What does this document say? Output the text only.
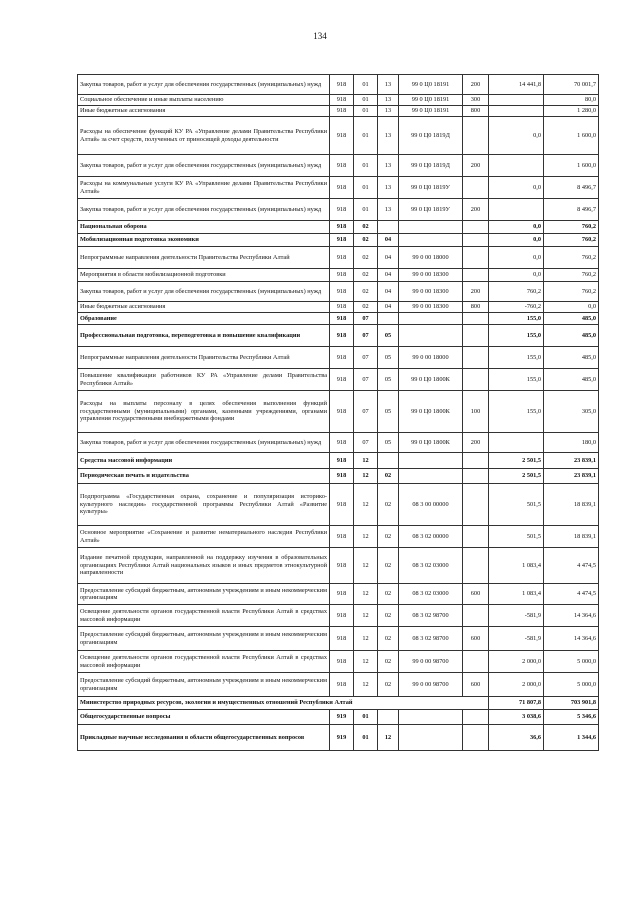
134
Закупка товаров, работ и услуг для обеспечения государственных (муниципальных) нужд	918	01	13	99 0 Ц0 18191	200	14 441,8	70 001,7
Социальное обеспечение и иные выплаты населению	918	01	13	99 0 Ц0 18191	300		80,0
Иные бюджетные ассигнования	918	01	13	99 0 Ц0 18191	800		1 280,0
Расходы на обеспечение функций КУ РА «Управление делами Правительства Республики Алтай» за счет средств, полученных от приносящей доходы деятельности	918	01	13	99 0 Ц0 1819Д		0,0	1 600,0
Закупка товаров, работ и услуг для обеспечения государственных (муниципальных) нужд	918	01	13	99 0 Ц0 1819Д	200		1 600,0
Расходы на коммунальные услуги КУ РА «Управление делами Правительства Республики Алтай»	918	01	13	99 0 Ц0 1819У		0,0	8 496,7
Закупка товаров, работ и услуг для обеспечения государственных (муниципальных) нужд	918	01	13	99 0 Ц0 1819У	200		8 496,7
Национальная оборона	918	02				0,0	760,2
Мобилизационная подготовка экономики	918	02	04			0,0	760,2
Непрограммные направления деятельности Правительства Республики Алтай	918	02	04	99 0 00 18000		0,0	760,2
Мероприятия в области мобилизационной подготовки	918	02	04	99 0 00 18300		0,0	760,2
Закупка товаров, работ и услуг для обеспечения государственных (муниципальных) нужд	918	02	04	99 0 00 18300	200	760,2	760,2
Иные бюджетные ассигнования	918	02	04	99 0 00 18300	800	-760,2	0,0
Образование	918	07				155,0	485,0
Профессиональная подготовка, переподготовка и повышение квалификации	918	07	05			155,0	485,0
Непрограммные направления деятельности Правительства Республики Алтай	918	07	05	99 0 00 18000		155,0	485,0
Повышение квалификации работников КУ РА «Управление делами Правительства Республики Алтай»	918	07	05	99 0 Ц0 1800К		155,0	485,0
Расходы на выплаты персоналу в целях обеспечения выполнения функций государственными (муниципальными) органами, казенными учреждениями, органами управления государственными внебюджетными фондами	918	07	05	99 0 Ц0 1800К	100	155,0	305,0
Закупка товаров, работ и услуг для обеспечения государственных (муниципальных) нужд	918	07	05	99 0 Ц0 1800К	200		180,0
Средства массовой информации	918	12				2 501,5	23 839,1
Периодическая печать и издательства	918	12	02			2 501,5	23 839,1
Подпрограмма «Государственная охрана, сохранение и популяризация историко-культурного наследия» государственной программы Республики Алтай «Развитие культуры»	918	12	02	08 3 00 00000		501,5	18 839,1
Основное мероприятие «Сохранение и развитие нематериального наследия Республики Алтай»	918	12	02	08 3 02 00000		501,5	18 839,1
Издание печатной продукции, направленной на поддержку изучения в образовательных организациях Республики Алтай национальных языков и иных предметов этнокультурной направленности	918	12	02	08 3 02 03000		1 083,4	4 474,5
Предоставление субсидий бюджетным, автономным учреждениям и иным некоммерческим организациям	918	12	02	08 3 02 03000	600	1 083,4	4 474,5
Освещение деятельности органов государственной власти Республики Алтай в средствах массовой информации	918	12	02	08 3 02 98700		-581,9	14 364,6
Предоставление субсидий бюджетным, автономным учреждениям и иным некоммерческим организациям	918	12	02	08 3 02 98700	600	-581,9	14 364,6
Освещение деятельности органов государственной власти Республики Алтай в средствах массовой информации	918	12	02	99 0 00 98700		2 000,0	5 000,0
Предоставление субсидий бюджетным, автономным учреждениям и иным некоммерческим организациям	918	12	02	99 0 00 98700	600	2 000,0	5 000,0
Министерство природных ресурсов, экологии и имущественных отношений Республики Алтай						71 807,8	703 901,8
Общегосударственные вопросы	919	01				3 038,6	5 346,6
Прикладные научные исследования в области общегосударственных вопросов	919	01	12			36,6	1 344,6
